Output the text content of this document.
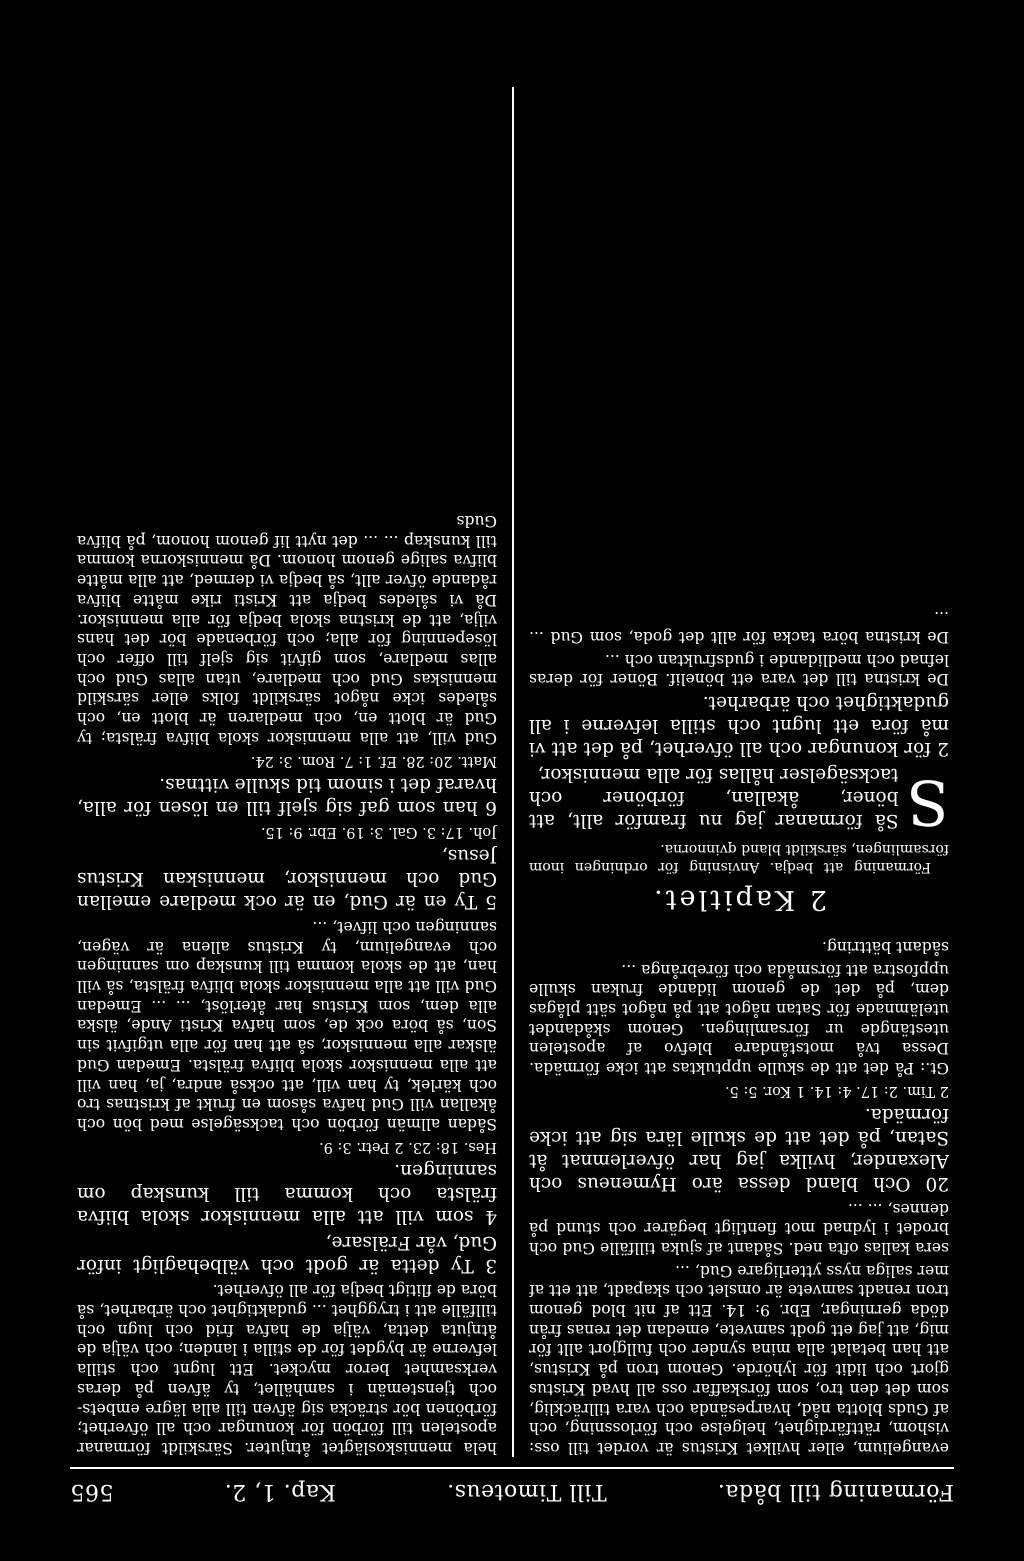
Förmaning till båda.
Till Timoteus.
Kap. 1, 2.
565

evangelium, eller hvilket Kristus är vordet till oss: vishom, rättfärdighet, helgelse och förlossning, och af Guds blotta nåd, hvarpesända och vara tillräcklig, som det den tro, som förskaffar oss all hvad Kristus gjort och lidit för lyhörde. Genom tron på Kristus, att han betalat alla mina synder och fullgjort allt för mig, att jag ett godt samvete, emedan det renas från döda gerningar, Ebr. 9: 14. Ett af nit blod genom tron renadt samvete är omslet och skapadt, att ett af mer saliga nyss ytterligare Gud, ...

sera kallas ofta ned. Sådant af sjuka tillfälle Gud och brodet i lydnad mot fientligt begärer och stund på dennes, ... ...

20 Och bland dessa äro Hymeneus och Alexander, hvilka jag har öfverlemnat åt Satan, på det att de skulle lära sig att icke förmäda.

2 Tim. 2: 17. 4: 14. 1 Kor. 5: 5.

Gt.: På det att de skulle upptuktas att icke förmäda. Dessa två motståndare blefvo af apostelen utestängde ur församlingen. Genom skådandet utelämnade för Satan något att på något sätt plågas dem, på det de genom lidande frukan skulle uppfostra att försmåda och förebrånga ...

sådant bättring.

2 Kapitlet.

Förmaning att bedja. Anvisning för ordningen inom församlingen, särskildt bland qvinnorna.

S
Så förmanar jag nu framför allt, att böner, åkallan, förböner och tacksägelser hållas för alla menniskor,

2 för konungar och all öfverhet, på det att vi må föra ett lugnt och stilla lefverne i all gudaktighet och ärbarhet.

De kristna till det vara ett bönelif. Böner för deras lefnad och medlidande i gudsfruktan och ...

De kristna böra tacka för allt det goda, som Gud ... ...

hela menniskoslägtet åtnjuter. Särskildt förmanar apostelen till förbön för konungar och all öfverhet; förbönen bör sträcka sig äfven till alla lägre embets- och tjenstemän i samhället, ty äfven på deras verksamhet beror mycket. Ett lugnt och stilla lefverne är bygdet för de stilla i landen; och välja de åtnjuta detta, välja de hafva frid och lugn och tillfälle att i trygghet ... gudaktighet och ärbarhet, så böra de flitigt bedja för all öfverhet.

3 Ty detta är godt och välbehagligt inför Gud, vår Frälsare,

4 som vill att alla menniskor skola blifva frälsta och komma till kunskap om sanningen.

Hes. 18: 23. 2 Petr. 3: 9.

Sådan allmän förbön och tacksägelse med bön och åkallan vill Gud hafva såsom en frukt af kristnas tro och kärlek, ty han vill, att också andra, ja, han vill att alla menniskor skola blifva frälsta. Emedan Gud älskar alla menniskor, så att han för alla utgifvit sin Son, så böra ock de, som hafva Kristi Ande, älska alla dem, som Kristus har återlöst, ... ... Emedan Gud vill att alla menniskor skola blifva frälsta, så vill han, att de skola komma till kunskap om sanningen och evangelium, ty Kristus allena är vägen, sanningen och lifvet, ...

5 Ty en är Gud, en är ock medlare emellan Gud och menniskor, menniskan Kristus Jesus,

Joh. 17: 3. Gal. 3: 19. Ebr. 9: 15.

6 han som gaf sig sjelf till en lösen för alla, hvaraf det i sinom tid skulle vittnas.

Matt. 20: 28. Ef. 1: 7. Rom. 3: 24.

Gud vill, att alla menniskor skola blifva frälsta; ty Gud är blott en, och medlaren är blott en, och således icke något särskildt folks eller särskild menniskas Gud och medlare, utan allas Gud och allas medlare, som gifvit sig sjelf till offer och lösepenning för alla; och förbenade bör det hans vilja, att de kristna skola bedja för alla menniskor. Då vi således bedja att Kristi rike måtte blifva rådande öfver allt, så bedja vi dermed, att alla måtte blifva salige genom honom. Då menniskorna komma till kunskap ... ... det nytt lif genom honom, på blifva Guds
